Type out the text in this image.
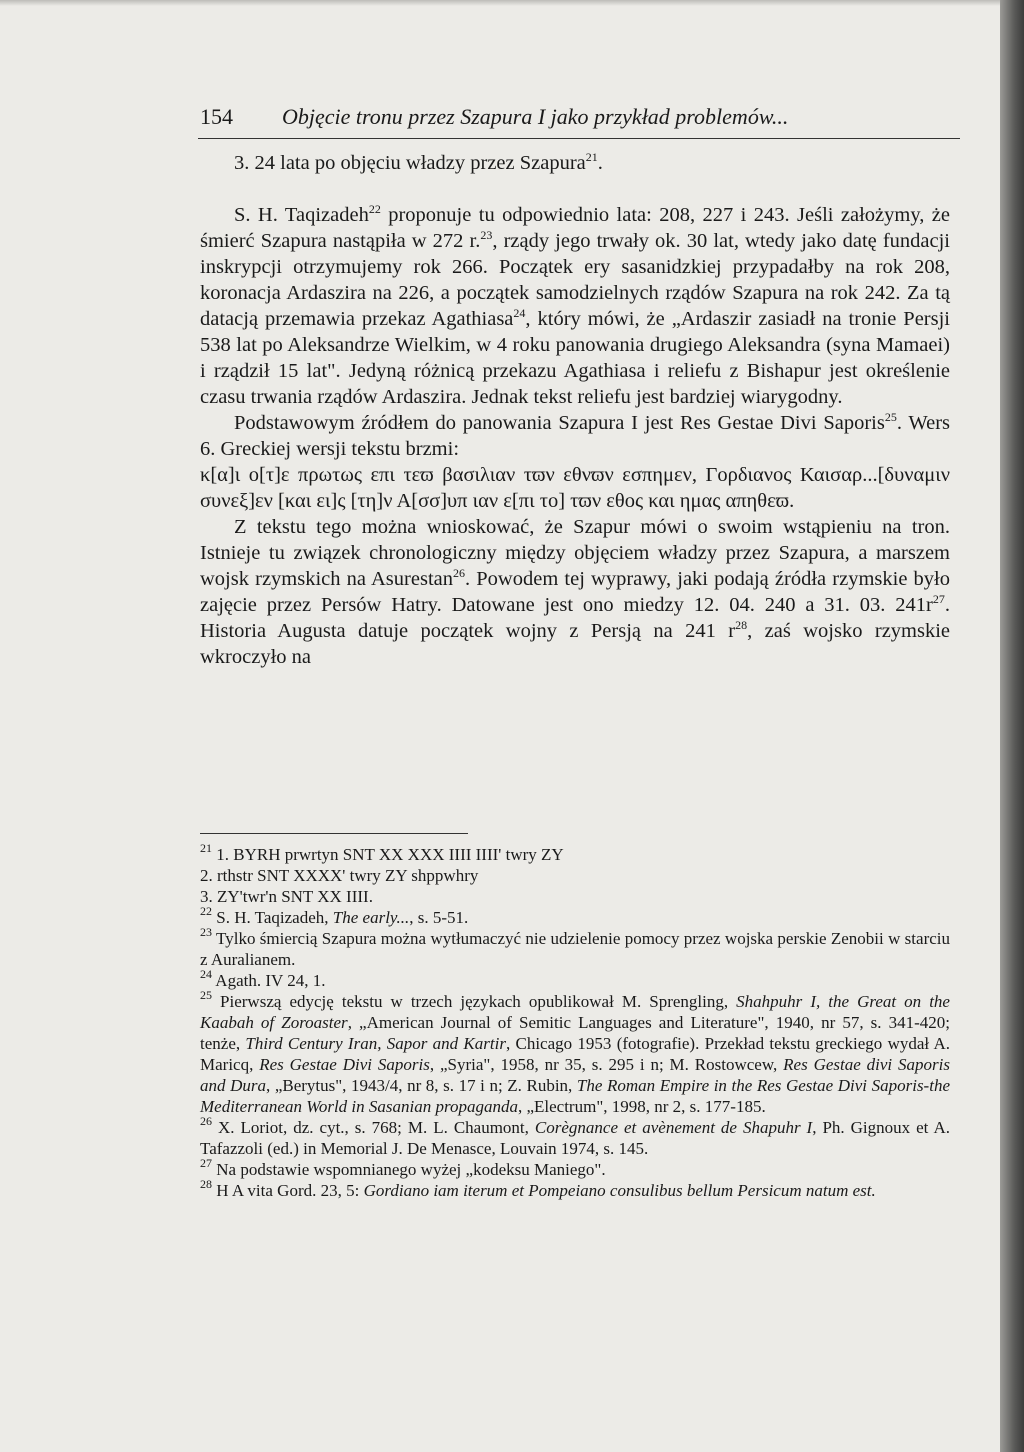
154 Objęcie tronu przez Szapura I jako przykład problemów...

3. 24 lata po objęciu władzy przez Szapura$^{21}$.

S. H. Taqizadeh$^{22}$ proponuje tu odpowiednio lata: 208, 227 i 243. Jeśli założymy, że śmierć Szapura nastąpiła w 272 r.$^{23}$, rządy jego trwały ok. 30 lat, wtedy jako datę fundacji inskrypcji otrzymujemy rok 266. Początek ery sasanidzkiej przypadałby na rok 208, koronacja Ardaszira na 226, a początek samodzielnych rządów Szapura na rok 242. Za tą datacją przemawia przekaz Agathiasa$^{24}$, który mówi, że „Ardaszir zasiadł na tronie Persji 538 lat po Aleksandrze Wielkim, w 4 roku panowania drugiego Aleksandra (syna Mamaei) i rządził 15 lat". Jedyną różnicą przekazu Agathiasa i reliefu z Bishapur jest określenie czasu trwania rządów Ardaszira. Jednak tekst reliefu jest bardziej wiarygodny.

Podstawowym źródłem do panowania Szapura I jest Res Gestae Divi Saporis$^{25}$. Wers 6. Greckiej wersji tekstu brzmi:

κ[α]ι ο[τ]ε πρωτως επι τεϖ βασιλιαν τϖν εθνϖν εσπημεν, Γορδιανος Καισαρ...[δυναμιν συνεξ]εν [και ει]ς [τη]ν Α[σσ]υπ ιαν ε[πι το] τϖν εθος και ημας απηθεϖ.

Z tekstu tego można wnioskować, że Szapur mówi o swoim wstąpieniu na tron. Istnieje tu związek chronologiczny między objęciem władzy przez Szapura, a marszem wojsk rzymskich na Asurestan$^{26}$. Powodem tej wyprawy, jaki podają źródła rzymskie było zajęcie przez Persów Hatry. Datowane jest ono miedzy 12. 04. 240 a 31. 03. $241r^{27}$. Historia Augusta datuje początek wojny z Persją na 241 $r^{28}$, zaś wojsko rzymskie wkroczyło na

$^{21}$ 1. BYRH prwrtyn SNT XX XXX IIII IIII' twry ZY

2. rthstr SNT XXXX' twry ZY shppwhry

3. ZY'twr'n SNT XX IIII.

$^{22}$ S. H. Taqizadeh, The early..., s. 5-51.

$^{23}$ Tylko śmiercią Szapura można wytłumaczyć nie udzielenie pomocy przez wojska perskie Zenobii w starciu z Auralianem.

$^{24}$ Agath. IV 24, 1.

$^{25}$ Pierwszą edycję tekstu w trzech językach opublikował M. Sprengling, Shahpuhr I, the Great on the Kaabah of Zoroaster, „American Journal of Semitic Languages and Literature", 1940, nr 57, s. 341-420; tenże, Third Century Iran, Sapor and Kartir, Chicago 1953 (fotografie). Przekład tekstu greckiego wydał A. Maricq, Res Gestae Divi Saporis, „Syria", 1958, nr 35, s. 295 i n; M. Rostowcew, Res Gestae divi Saporis and Dura, „Berytus", 1943/4, nr 8, s. 17 i n; Z. Rubin, The Roman Empire in the Res Gestae Divi Saporis-the Mediterranean World in Sasanian propaganda, „Electrum", 1998, nr 2, s. 177-185.

$^{26}$ X. Loriot, dz. cyt., s. 768; M. L. Chaumont, Corègnance et avènement de Shapuhr I, Ph. Gignoux et A. Tafazzoli (ed.) in Memorial J. De Menasce, Louvain 1974, s. 145.

$^{27}$ Na podstawie wspomnianego wyżej „kodeksu Maniego".

$^{28}$ H A vita Gord. 23, 5: Gordiano iam iterum et Pompeiano consulibus bellum Persicum natum est.
